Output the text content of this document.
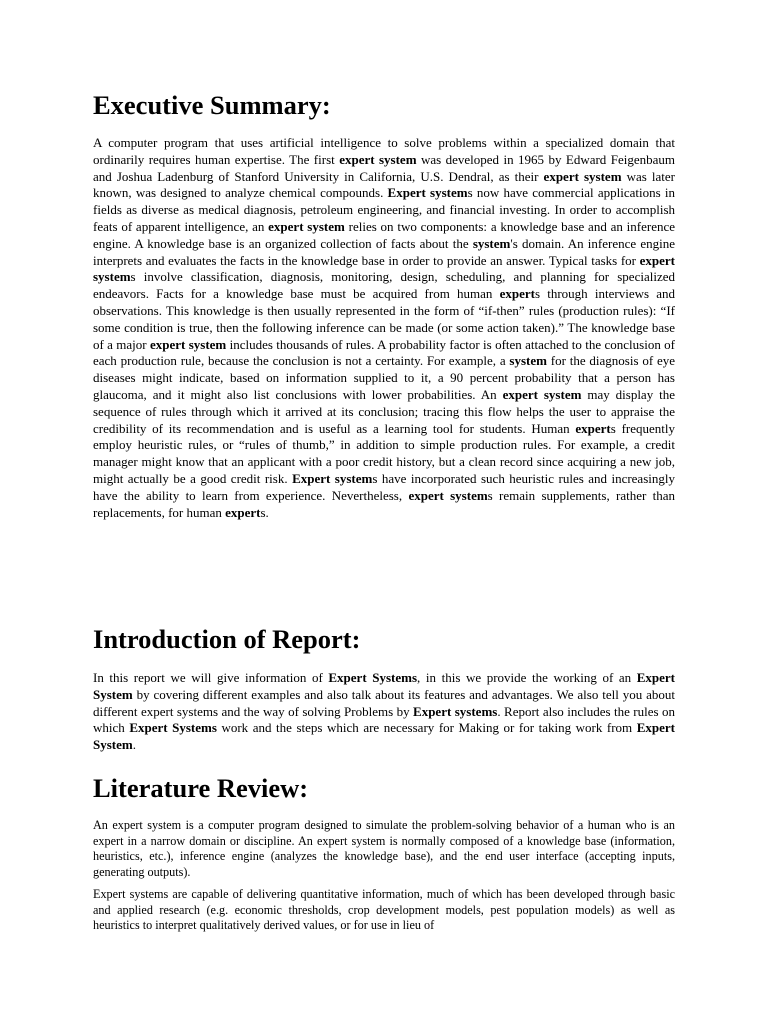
Executive Summary:

A computer program that uses artificial intelligence to solve problems within a specialized domain that ordinarily requires human expertise. The first expert system was developed in 1965 by Edward Feigenbaum and Joshua Ladenburg of Stanford University in California, U.S. Dendral, as their expert system was later known, was designed to analyze chemical compounds. Expert systems now have commercial applications in fields as diverse as medical diagnosis, petroleum engineering, and financial investing. In order to accomplish feats of apparent intelligence, an expert system relies on two components: a knowledge base and an inference engine. A knowledge base is an organized collection of facts about the system's domain. An inference engine interprets and evaluates the facts in the knowledge base in order to provide an answer. Typical tasks for expert systems involve classification, diagnosis, monitoring, design, scheduling, and planning for specialized endeavors. Facts for a knowledge base must be acquired from human experts through interviews and observations. This knowledge is then usually represented in the form of “if-then” rules (production rules): “If some condition is true, then the following inference can be made (or some action taken).” The knowledge base of a major expert system includes thousands of rules. A probability factor is often attached to the conclusion of each production rule, because the conclusion is not a certainty. For example, a system for the diagnosis of eye diseases might indicate, based on information supplied to it, a 90 percent probability that a person has glaucoma, and it might also list conclusions with lower probabilities. An expert system may display the sequence of rules through which it arrived at its conclusion; tracing this flow helps the user to appraise the credibility of its recommendation and is useful as a learning tool for students. Human experts frequently employ heuristic rules, or “rules of thumb,” in addition to simple production rules. For example, a credit manager might know that an applicant with a poor credit history, but a clean record since acquiring a new job, might actually be a good credit risk. Expert systems have incorporated such heuristic rules and increasingly have the ability to learn from experience. Nevertheless, expert systems remain supplements, rather than replacements, for human experts.

Introduction of Report:

In this report we will give information of Expert Systems, in this we provide the working of an Expert System by covering different examples and also talk about its features and advantages. We also tell you about different expert systems and the way of solving Problems by Expert systems. Report also includes the rules on which Expert Systems work and the steps which are necessary for Making or for taking work from Expert System.

Literature Review:

An expert system is a computer program designed to simulate the problem-solving behavior of a human who is an expert in a narrow domain or discipline. An expert system is normally composed of a knowledge base (information, heuristics, etc.), inference engine (analyzes the knowledge base), and the end user interface (accepting inputs, generating outputs).

Expert systems are capable of delivering quantitative information, much of which has been developed through basic and applied research (e.g. economic thresholds, crop development models, pest population models) as well as heuristics to interpret qualitatively derived values, or for use in lieu of
